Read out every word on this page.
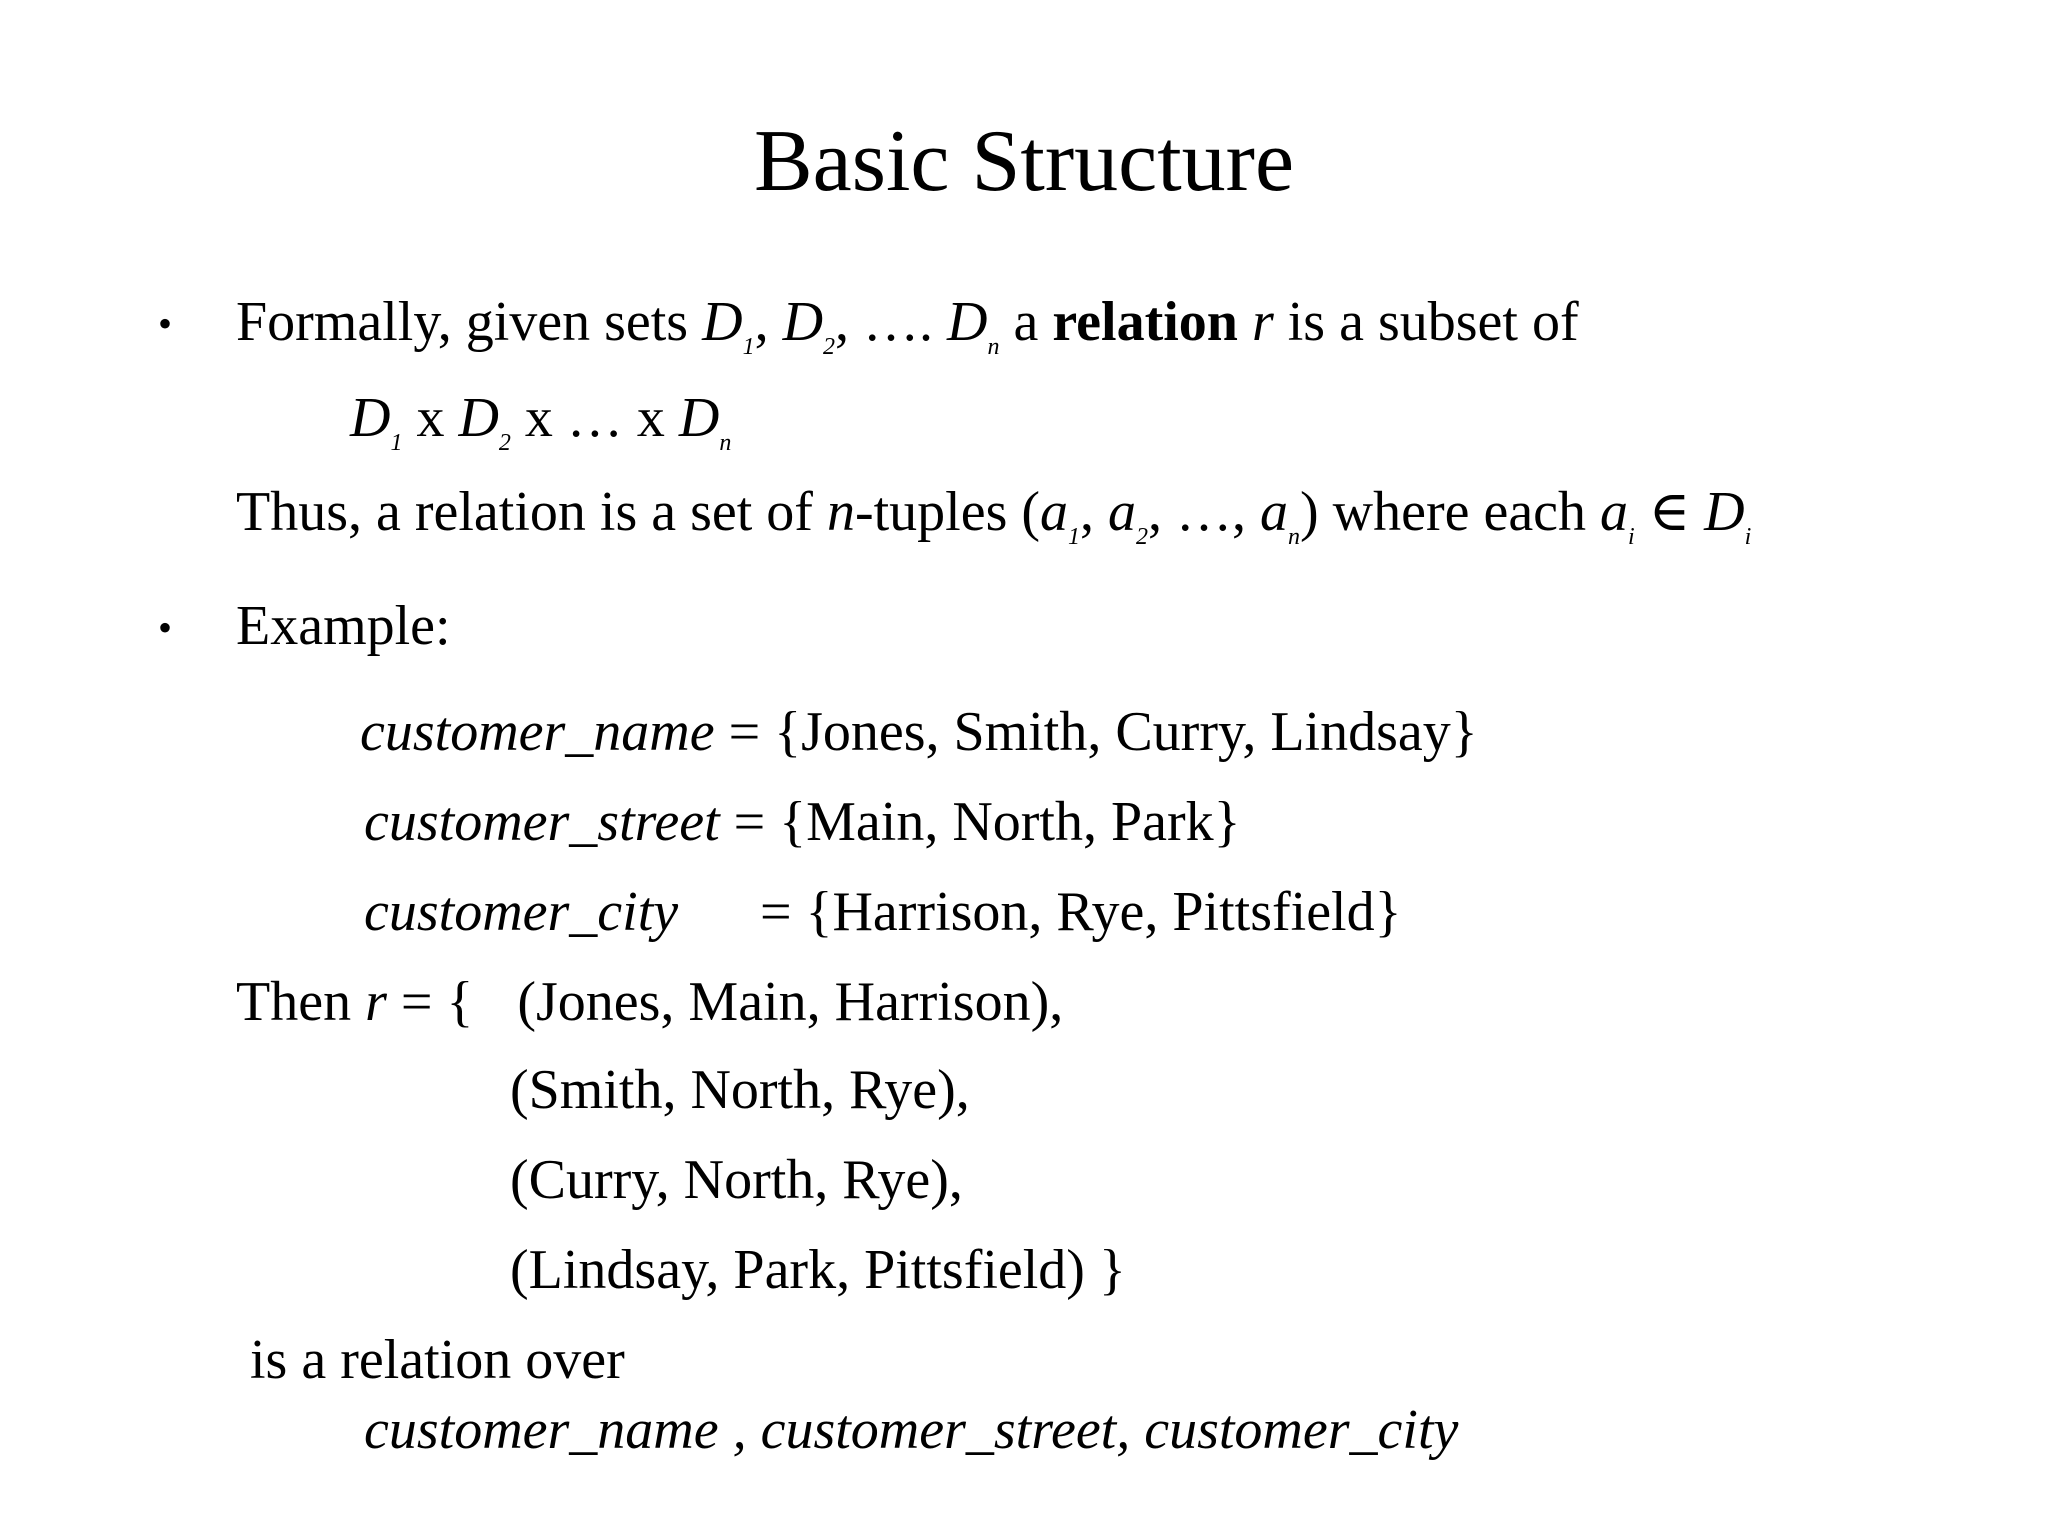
Basic Structure
• Formally, given sets $D_1$, $D_2$, …. $D_n$ a relation r is a subset of
$D_1$ x $D_2$ x … x $D_n$
Thus, a relation is a set of n-tuples ($a_1$, $a_2$, …, $a_n$) where each $a_i$ ∈ $D_i$
• Example:
customer_name = {Jones, Smith, Curry, Lindsay}
customer_street = {Main, North, Park}
customer_city = {Harrison, Rye, Pittsfield}
Then r = { (Jones, Main, Harrison),
(Smith, North, Rye),
(Curry, North, Rye),
(Lindsay, Park, Pittsfield) }
is a relation over
customer_name , customer_street, customer_city
